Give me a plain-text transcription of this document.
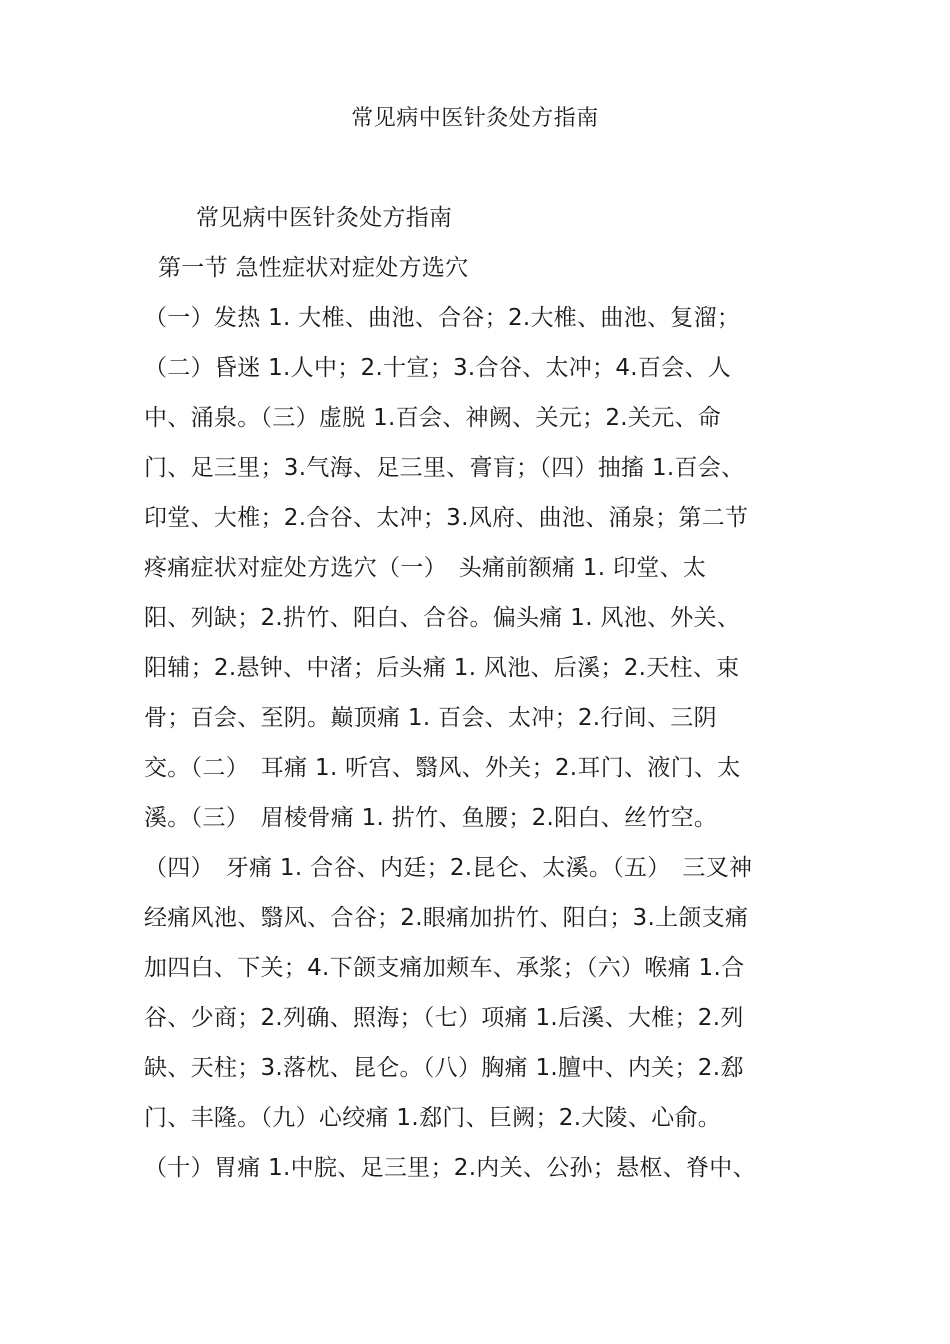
常见病中医针灸处方指南
常见病中医针灸处方指南
第一节 急性症状对症处方选穴
（一）发热 1. 大椎、曲池、合谷；2.大椎、曲池、复溜；
（二）昏迷 1.人中；2.十宣；3.合谷、太冲；4.百会、人
中、涌泉。（三）虚脱 1.百会、神阙、关元；2.关元、命
门、足三里；3.气海、足三里、膏肓；（四）抽搐 1.百会、
印堂、大椎；2.合谷、太冲；3.风府、曲池、涌泉；第二节
疼痛症状对症处方选穴（一）　头痛前额痛 1. 印堂、太
阳、列缺；2.扸竹、阳白、合谷。偏头痛 1. 风池、外关、
阳辅；2.悬钟、中渚；后头痛 1. 风池、后溪；2.天柱、束
骨；百会、至阴。巅顶痛 1. 百会、太冲；2.行间、三阴
交。（二）　耳痛 1. 听宫、翳风、外关；2.耳门、液门、太
溪。（三）　眉棱骨痛 1. 扸竹、鱼腰；2.阳白、丝竹空。
（四）　牙痛 1. 合谷、内廷；2.昆仑、太溪。（五）　三叉神
经痛风池、翳风、合谷；2.眼痛加扸竹、阳白；3.上颌支痛
加四白、下关；4.下颌支痛加颊车、承浆；（六）喉痛 1.合
谷、少商；2.列确、照海；（七）项痛 1.后溪、大椎；2.列
缺、天柱；3.落枕、昆仑。（八）胸痛 1.膻中、内关；2.郄
门、丰隆。（九）心绞痛 1.郄门、巨阙；2.大陵、心俞。
（十）胃痛 1.中脘、足三里；2.内关、公孙；悬枢、脊中、
